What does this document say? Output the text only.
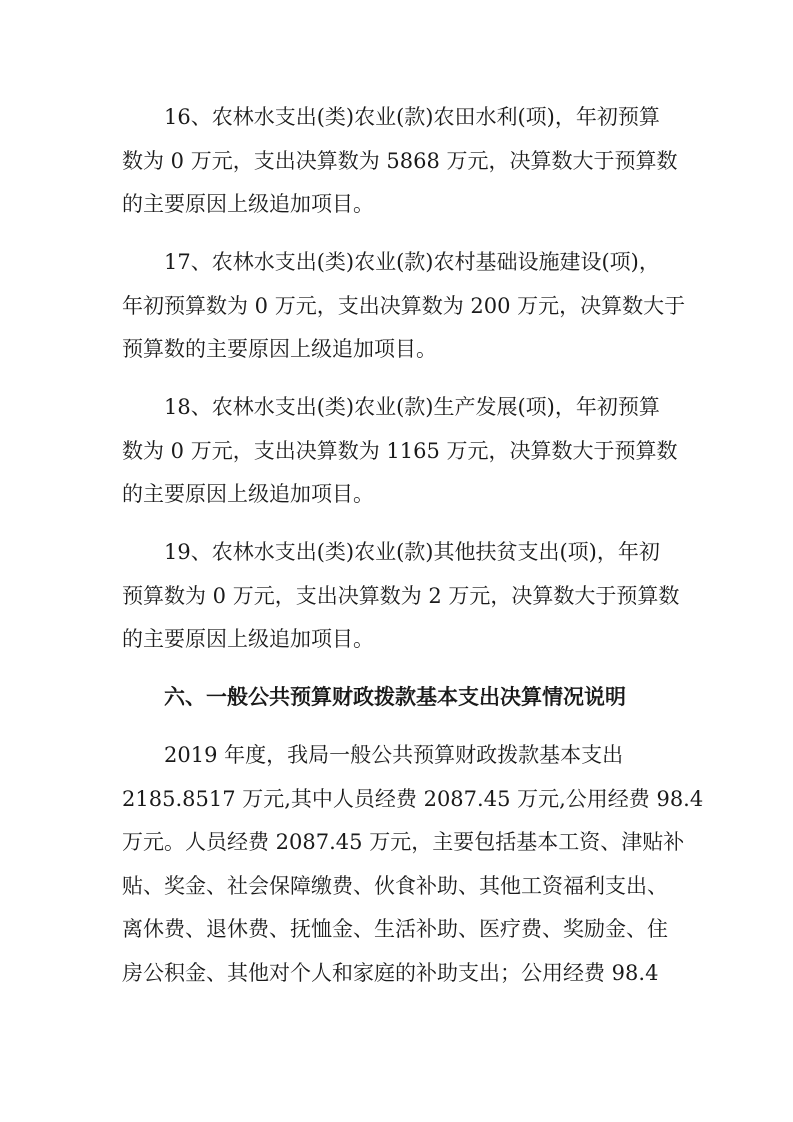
16、农林水支出(类)农业(款)农田水利(项)，年初预算
数为 0 万元，支出决算数为 5868 万元，决算数大于预算数
的主要原因上级追加项目。
17、农林水支出(类)农业(款)农村基础设施建设(项)，
年初预算数为 0 万元，支出决算数为 200 万元，决算数大于
预算数的主要原因上级追加项目。
18、农林水支出(类)农业(款)生产发展(项)，年初预算
数为 0 万元，支出决算数为 1165 万元，决算数大于预算数
的主要原因上级追加项目。
19、农林水支出(类)农业(款)其他扶贫支出(项)，年初
预算数为 0 万元，支出决算数为 2 万元，决算数大于预算数
的主要原因上级追加项目。
六、一般公共预算财政拨款基本支出决算情况说明
2019 年度，我局一般公共预算财政拨款基本支出
2185.8517 万元,其中人员经费 2087.45 万元,公用经费 98.4
万元。人员经费 2087.45 万元，主要包括基本工资、津贴补
贴、奖金、社会保障缴费、伙食补助、其他工资福利支出、
离休费、退休费、抚恤金、生活补助、医疗费、奖励金、住
房公积金、其他对个人和家庭的补助支出；公用经费 98.4
